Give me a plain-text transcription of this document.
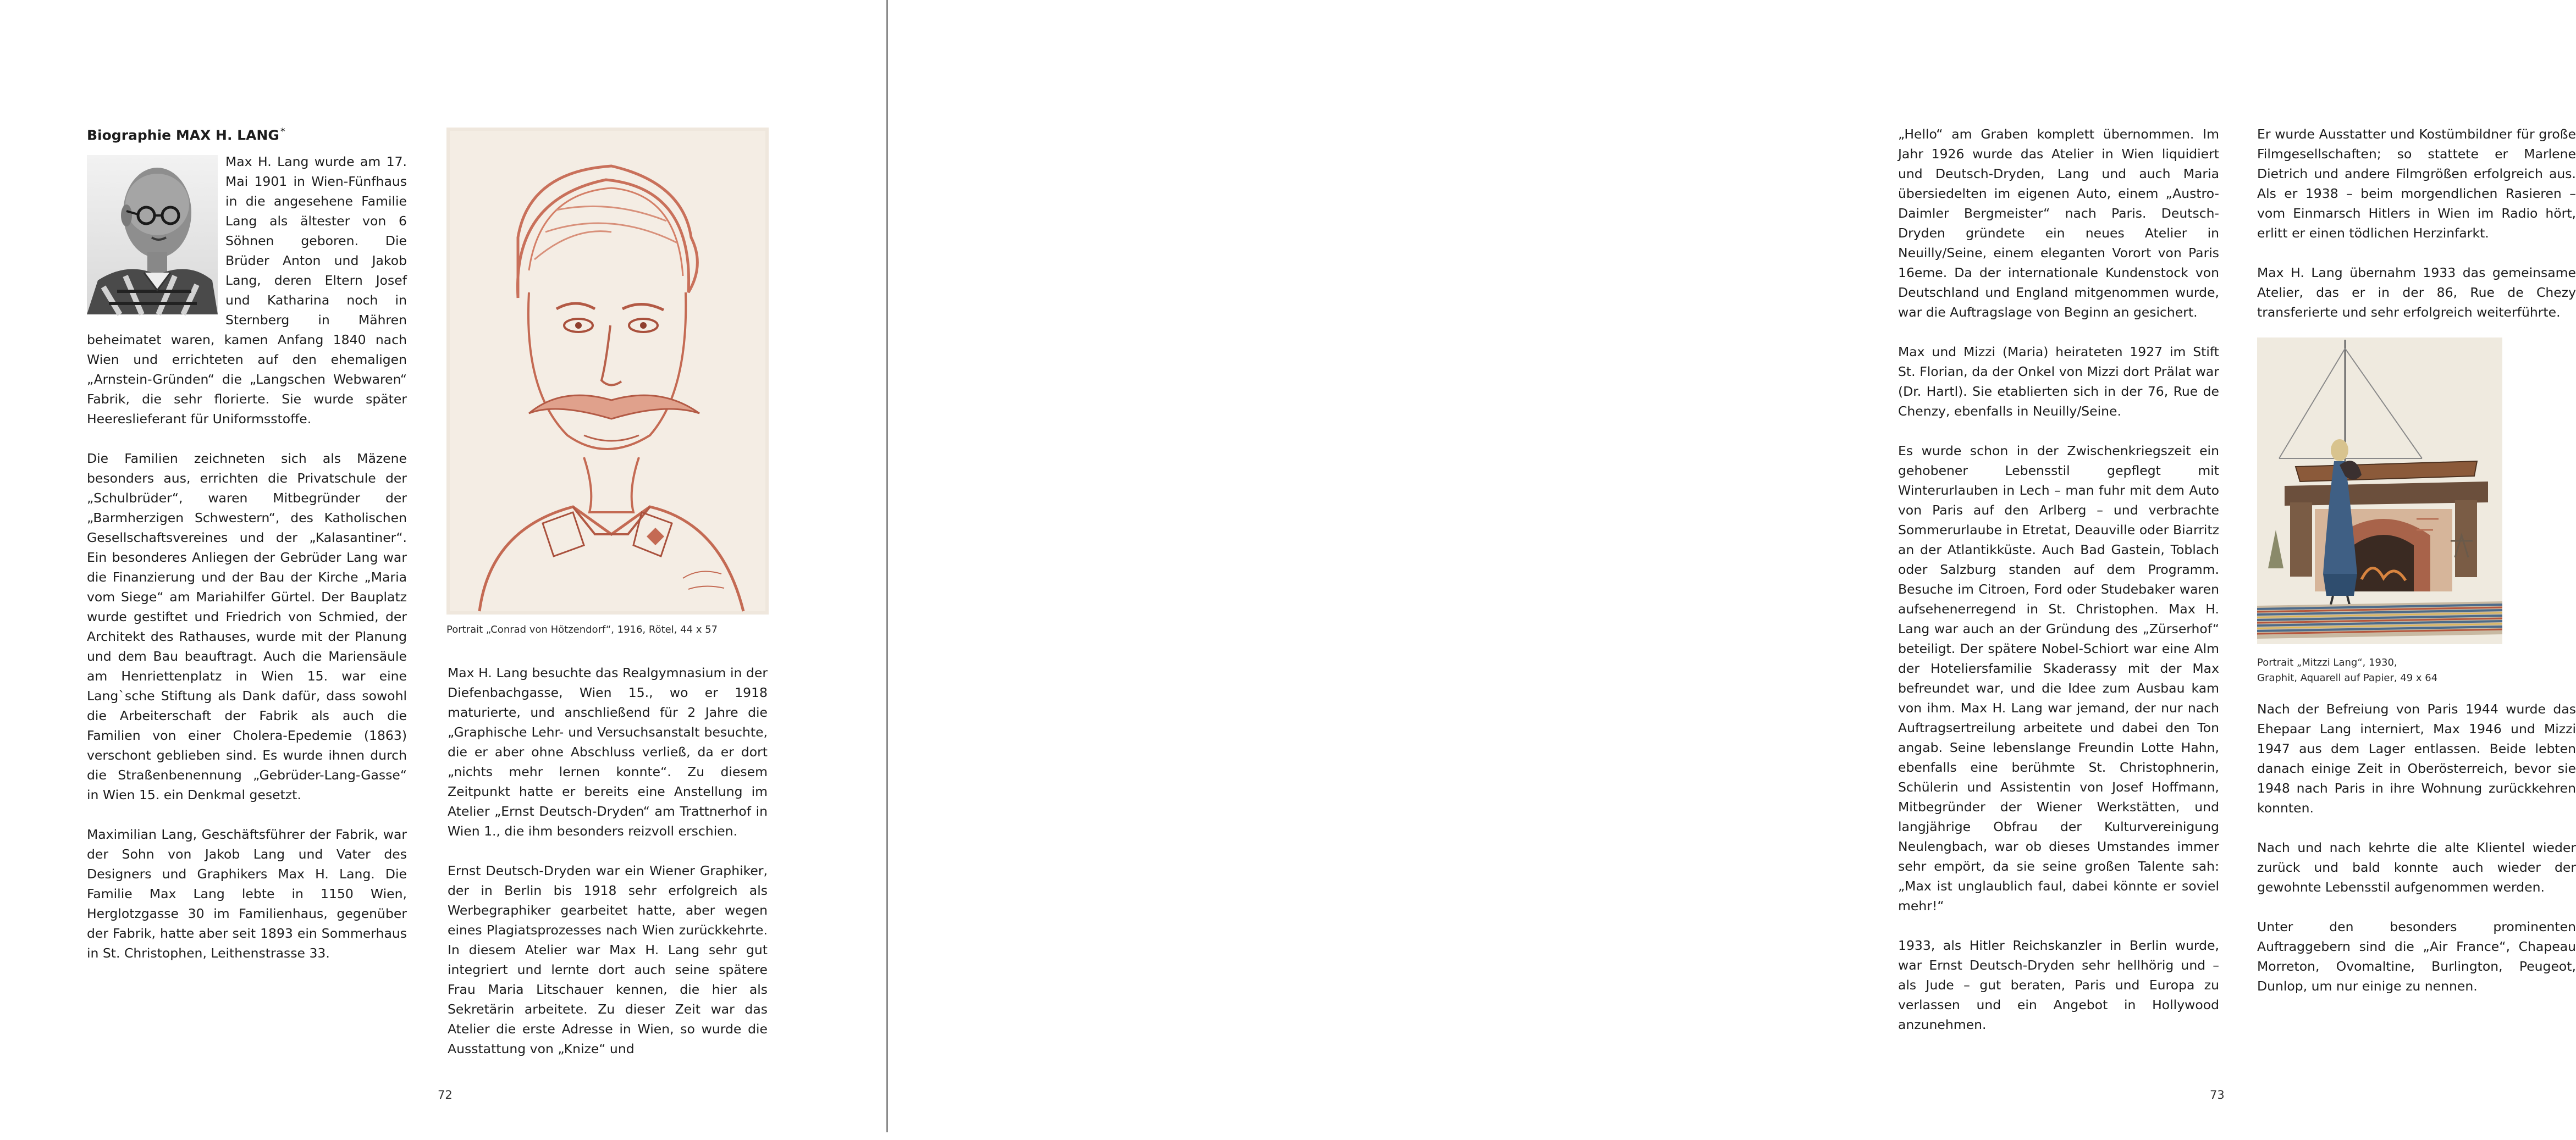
Biographie MAX H. LANG *

Max H. Lang wurde am 17. Mai 1901 in Wien-Fünfhaus in die angesehene Familie Lang als ältester von 6 Söhnen geboren. Die Brüder Anton und Jakob Lang, deren Eltern Josef und Katharina noch in Sternberg in Mähren beheimatet waren, kamen Anfang 1840 nach Wien und errichteten auf den ehemaligen „Arnstein-Gründen“ die „Langschen Webwaren“ Fabrik, die sehr florierte. Sie wurde später Heereslieferant für Uniformsstoffe.

Die Familien zeichneten sich als Mäzene besonders aus, errichten die Privatschule der „Schulbrüder“, waren Mitbegründer der „Barmherzigen Schwestern“, des Katholischen Gesellschaftsvereines und der „Kalasantiner“. Ein besonderes Anliegen der Gebrüder Lang war die Finanzierung und der Bau der Kirche „Maria vom Siege“ am Mariahilfer Gürtel. Der Bauplatz wurde gestiftet und Friedrich von Schmied, der Architekt des Rathauses, wurde mit der Planung und dem Bau beauftragt. Auch die Mariensäule am Henriettenplatz in Wien 15. war eine Lang`sche Stiftung als Dank dafür, dass sowohl die Arbeiterschaft der Fabrik als auch die Familien von einer Cholera-Epedemie (1863) verschont geblieben sind. Es wurde ihnen durch die Straßenbenennung „Gebrüder-Lang-Gasse“ in Wien 15. ein Denkmal gesetzt.

Maximilian Lang, Geschäftsführer der Fabrik, war der Sohn von Jakob Lang und Vater des Designers und Graphikers Max H. Lang. Die Familie Max Lang lebte in 1150 Wien, Herglotzgasse 30 im Familienhaus, gegenüber der Fabrik, hatte aber seit 1893 ein Sommerhaus in St. Christophen, Leithenstrasse 33.

Portrait „Conrad von Hötzendorf“, 1916, Rötel, 44 x 57

Max H. Lang besuchte das Realgymnasium in der Diefenbachgasse, Wien 15., wo er 1918 maturierte, und anschließend für 2 Jahre die „Graphische Lehr- und Versuchsanstalt besuchte, die er aber ohne Abschluss verließ, da er dort „nichts mehr lernen konnte“. Zu diesem Zeitpunkt hatte er bereits eine Anstellung im Atelier „Ernst Deutsch-Dryden“ am Trattnerhof in Wien 1., die ihm besonders reizvoll erschien.

Ernst Deutsch-Dryden war ein Wiener Graphiker, der in Berlin bis 1918 sehr erfolgreich als Werbegraphiker gearbeitet hatte, aber wegen eines Plagiatsprozesses nach Wien zurückkehrte. In diesem Atelier war Max H. Lang sehr gut integriert und lernte dort auch seine spätere Frau Maria Litschauer kennen, die hier als Sekretärin arbeitete. Zu dieser Zeit war das Atelier die erste Adresse in Wien, so wurde die Ausstattung von „Knize“ und

72

„Hello“ am Graben komplett übernommen. Im Jahr 1926 wurde das Atelier in Wien liquidiert und Deutsch-Dryden, Lang und auch Maria übersiedelten im eigenen Auto, einem „Austro-Daimler Bergmeister“ nach Paris. Deutsch-Dryden gründete ein neues Atelier in Neuilly/Seine, einem eleganten Vorort von Paris 16eme. Da der internationale Kundenstock von Deutschland und England mitgenommen wurde, war die Auftragslage von Beginn an gesichert.

Max und Mizzi (Maria) heirateten 1927 im Stift St. Florian, da der Onkel von Mizzi dort Prälat war (Dr. Hartl). Sie etablierten sich in der 76, Rue de Chenzy, ebenfalls in Neuilly/Seine.

Es wurde schon in der Zwischenkriegszeit ein gehobener Lebensstil gepflegt mit Winterurlauben in Lech – man fuhr mit dem Auto von Paris auf den Arlberg – und verbrachte Sommerurlaube in Etretat, Deauville oder Biarritz an der Atlantikküste. Auch Bad Gastein, Toblach oder Salzburg standen auf dem Programm. Besuche im Citroen, Ford oder Studebaker waren aufsehenerregend in St. Christophen. Max H. Lang war auch an der Gründung des „Zürserhof“ beteiligt. Der spätere Nobel-Schiort war eine Alm der Hoteliersfamilie Skaderassy mit der Max befreundet war, und die Idee zum Ausbau kam von ihm. Max H. Lang war jemand, der nur nach Auftragsertreilung arbeitete und dabei den Ton angab. Seine lebenslange Freundin Lotte Hahn, ebenfalls eine berühmte St. Christophnerin, Schülerin und Assistentin von Josef Hoffmann, Mitbegründer der Wiener Werkstätten, und langjährige Obfrau der Kulturvereinigung Neulengbach, war ob dieses Umstandes immer sehr empört, da sie seine großen Talente sah: „Max ist unglaublich faul, dabei könnte er soviel mehr!“

1933, als Hitler Reichskanzler in Berlin wurde, war Ernst Deutsch-Dryden sehr hellhörig und – als Jude – gut beraten, Paris und Europa zu verlassen und ein Angebot in Hollywood anzunehmen.

Er wurde Ausstatter und Kostümbildner für große Filmgesellschaften; so stattete er Marlene Dietrich und andere Filmgrößen erfolgreich aus. Als er 1938 – beim morgendlichen Rasieren – vom Einmarsch Hitlers in Wien im Radio hört, erlitt er einen tödlichen Herzinfarkt.

Max H. Lang übernahm 1933 das gemeinsame Atelier, das er in der 86, Rue de Chezy transferierte und sehr erfolgreich weiterführte.

Portrait „Mitzzi Lang“, 1930,
Graphit, Aquarell auf Papier, 49 x 64

Nach der Befreiung von Paris 1944 wurde das Ehepaar Lang interniert, Max 1946 und Mizzi 1947 aus dem Lager entlassen. Beide lebten danach einige Zeit in Oberösterreich, bevor sie 1948 nach Paris in ihre Wohnung zurückkehren konnten.

Nach und nach kehrte die alte Klientel wieder zurück und bald konnte auch wieder der gewohnte Lebensstil aufgenommen werden.

Unter den besonders prominenten Auftraggebern sind die „Air France“, Chapeau Morreton, Ovomaltine, Burlington, Peugeot, Dunlop, um nur einige zu nennen.

73
